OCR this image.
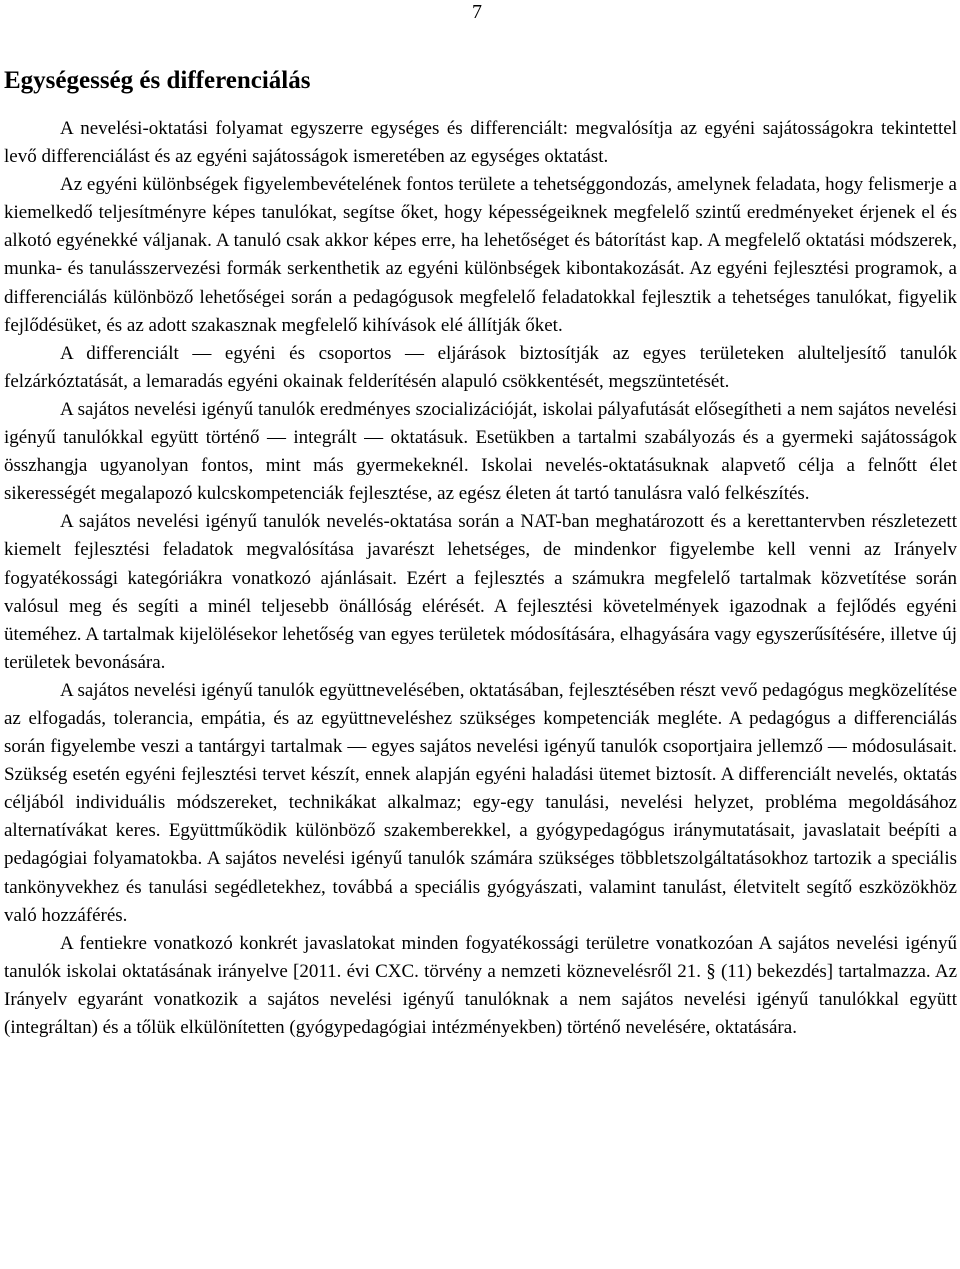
7
Egységesség és differenciálás

A nevelési-oktatási folyamat egyszerre egységes és differenciált: megvalósítja az egyéni sajátosságokra tekintettel levő differenciálást és az egyéni sajátosságok ismeretében az egységes oktatást.

Az egyéni különbségek figyelembevételének fontos területe a tehetséggondozás, amelynek feladata, hogy felismerje a kiemelkedő teljesítményre képes tanulókat, segítse őket, hogy képességeiknek megfelelő szintű eredményeket érjenek el és alkotó egyénekké váljanak. A tanuló csak akkor képes erre, ha lehetőséget és bátorítást kap. A megfelelő oktatási módszerek, munka- és tanulásszervezési formák serkenthetik az egyéni különbségek kibontakozását. Az egyéni fejlesztési programok, a differenciálás különböző lehetőségei során a pedagógusok megfelelő feladatokkal fejlesztik a tehetséges tanulókat, figyelik fejlődésüket, és az adott szakasznak megfelelő kihívások elé állítják őket.

A differenciált — egyéni és csoportos — eljárások biztosítják az egyes területeken alulteljesítő tanulók felzárkóztatását, a lemaradás egyéni okainak felderítésén alapuló csökkentését, megszüntetését.

A sajátos nevelési igényű tanulók eredményes szocializációját, iskolai pályafutását elősegítheti a nem sajátos nevelési igényű tanulókkal együtt történő — integrált — oktatásuk. Esetükben a tartalmi szabályozás és a gyermeki sajátosságok összhangja ugyanolyan fontos, mint más gyermekeknél. Iskolai nevelés-oktatásuknak alapvető célja a felnőtt élet sikerességét megalapozó kulcskompetenciák fejlesztése, az egész életen át tartó tanulásra való felkészítés.

A sajátos nevelési igényű tanulók nevelés-oktatása során a NAT-ban meghatározott és a kerettantervben részletezett kiemelt fejlesztési feladatok megvalósítása javarészt lehetséges, de mindenkor figyelembe kell venni az Irányelv fogyatékossági kategóriákra vonatkozó ajánlásait. Ezért a fejlesztés a számukra megfelelő tartalmak közvetítése során valósul meg és segíti a minél teljesebb önállóság elérését. A fejlesztési követelmények igazodnak a fejlődés egyéni üteméhez. A tartalmak kijelölésekor lehetőség van egyes területek módosítására, elhagyására vagy egyszerűsítésére, illetve új területek bevonására.

A sajátos nevelési igényű tanulók együttnevelésében, oktatásában, fejlesztésében részt vevő pedagógus megközelítése az elfogadás, tolerancia, empátia, és az együttneveléshez szükséges kompetenciák megléte. A pedagógus a differenciálás során figyelembe veszi a tantárgyi tartalmak — egyes sajátos nevelési igényű tanulók csoportjaira jellemző — módosulásait. Szükség esetén egyéni fejlesztési tervet készít, ennek alapján egyéni haladási ütemet biztosít. A differenciált nevelés, oktatás céljából individuális módszereket, technikákat alkalmaz; egy-egy tanulási, nevelési helyzet, probléma megoldásához alternatívákat keres. Együttműködik különböző szakemberekkel, a gyógypedagógus iránymutatásait, javaslatait beépíti a pedagógiai folyamatokba. A sajátos nevelési igényű tanulók számára szükséges többletszolgáltatásokhoz tartozik a speciális tankönyvekhez és tanulási segédletekhez, továbbá a speciális gyógyászati, valamint tanulást, életvitelt segítő eszközökhöz való hozzáférés.

A fentiekre vonatkozó konkrét javaslatokat minden fogyatékossági területre vonatkozóan A sajátos nevelési igényű tanulók iskolai oktatásának irányelve [2011. évi CXC. törvény a nemzeti köznevelésről 21. § (11) bekezdés] tartalmazza. Az Irányelv egyaránt vonatkozik a sajátos nevelési igényű tanulóknak a nem sajátos nevelési igényű tanulókkal együtt (integráltan) és a tőlük elkülönítetten (gyógypedagógiai intézményekben) történő nevelésére, oktatására.
